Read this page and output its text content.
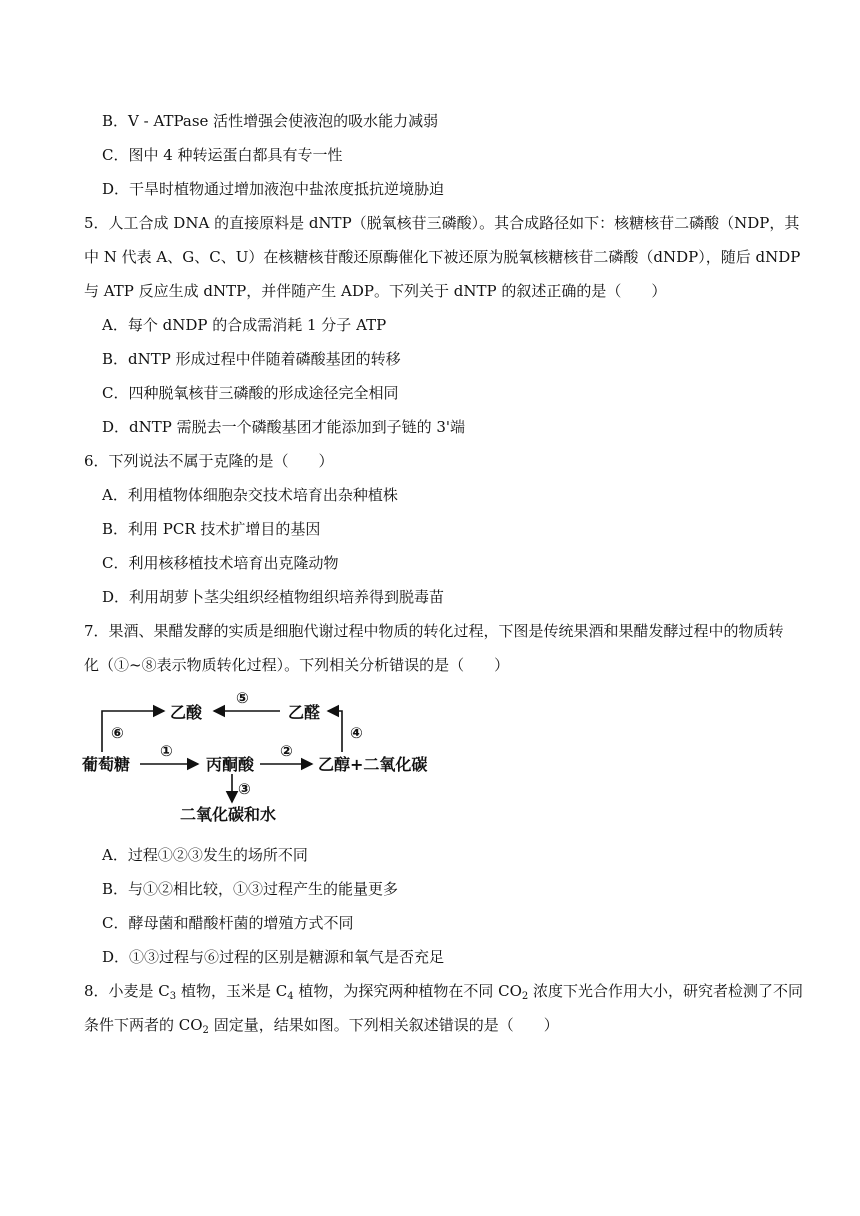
B．V - ATPase 活性增强会使液泡的吸水能力减弱
C．图中 4 种转运蛋白都具有专一性
D．干旱时植物通过增加液泡中盐浓度抵抗逆境胁迫
5．人工合成 DNA 的直接原料是 dNTP（脱氧核苷三磷酸）。其合成路径如下：核糖核苷二磷酸（NDP，其
中 N 代表 A、G、C、U）在核糖核苷酸还原酶催化下被还原为脱氧核糖核苷二磷酸（dNDP），随后 dNDP
与 ATP 反应生成 dNTP，并伴随产生 ADP。下列关于 dNTP 的叙述正确的是（　　）
A．每个 dNDP 的合成需消耗 1 分子 ATP
B．dNTP 形成过程中伴随着磷酸基团的转移
C．四种脱氧核苷三磷酸的形成途径完全相同
D．dNTP 需脱去一个磷酸基团才能添加到子链的 3'端
6．下列说法不属于克隆的是（　　）
A．利用植物体细胞杂交技术培育出杂种植株
B．利用 PCR 技术扩增目的基因
C．利用核移植技术培育出克隆动物
D．利用胡萝卜茎尖组织经植物组织培养得到脱毒苗
7．果酒、果醋发酵的实质是细胞代谢过程中物质的转化过程，下图是传统果酒和果醋发酵过程中的物质转
化（①~⑧表示物质转化过程）。下列相关分析错误的是（　　）
乙酸	乙醛
葡萄糖	丙酮酸	乙醇+二氧化碳
二氧化碳和水
⑥
⑤
④
①	②
③
A．过程①②③发生的场所不同
B．与①②相比较，①③过程产生的能量更多
C．酵母菌和醋酸杆菌的增殖方式不同
D．①③过程与⑥过程的区别是糖源和氧气是否充足
8．小麦是 $C_3$ 植物，玉米是 $C_4$ 植物，为探究两种植物在不同 $CO_2$ 浓度下光合作用大小，研究者检测了不同
条件下两者的 $CO_2$ 固定量，结果如图。下列相关叙述错误的是（　　）
